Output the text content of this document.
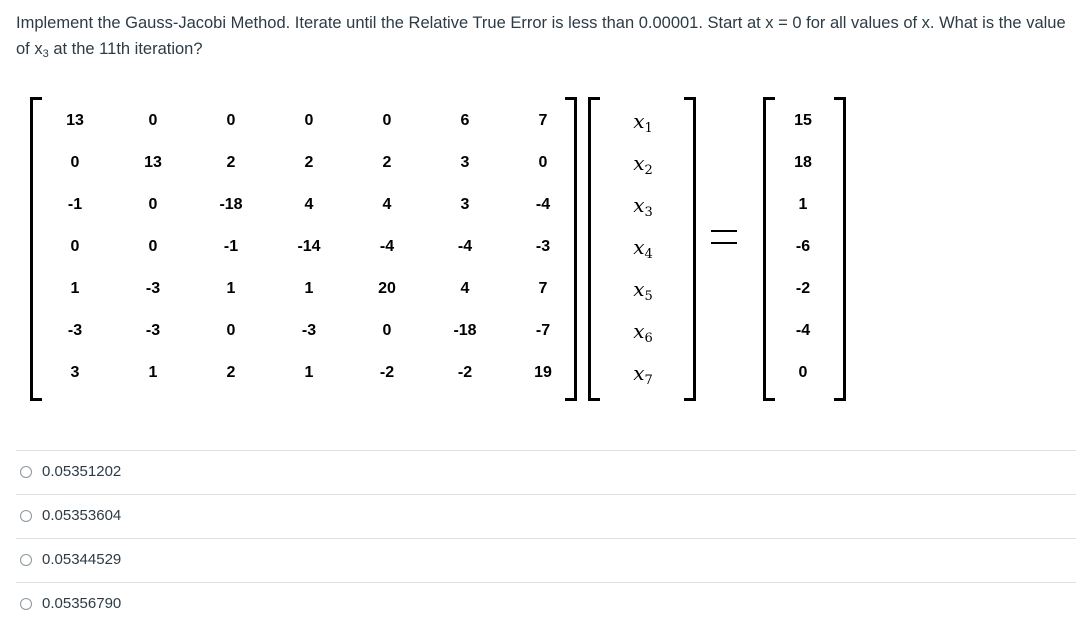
Implement the Gauss-Jacobi Method. Iterate until the Relative True Error is less than 0.00001. Start at x = 0 for all values of x. What is the value of $x_3$ at the 11th iteration?
13	0	0	0	0	6	7
0	13	2	2	2	3	0
-1	0	-18	4	4	3	-4
0	0	-1	-14	-4	-4	-3
1	-3	1	1	20	4	7
-3	-3	0	-3	0	-18	-7
3	1	2	1	-2	-2	19
$x_1$
$x_2$
$x_3$
$x_4$
$x_5$
$x_6$
$x_7$
15
18
1
-6
-2
-4
0
0.05351202
0.05353604
0.05344529
0.05356790
